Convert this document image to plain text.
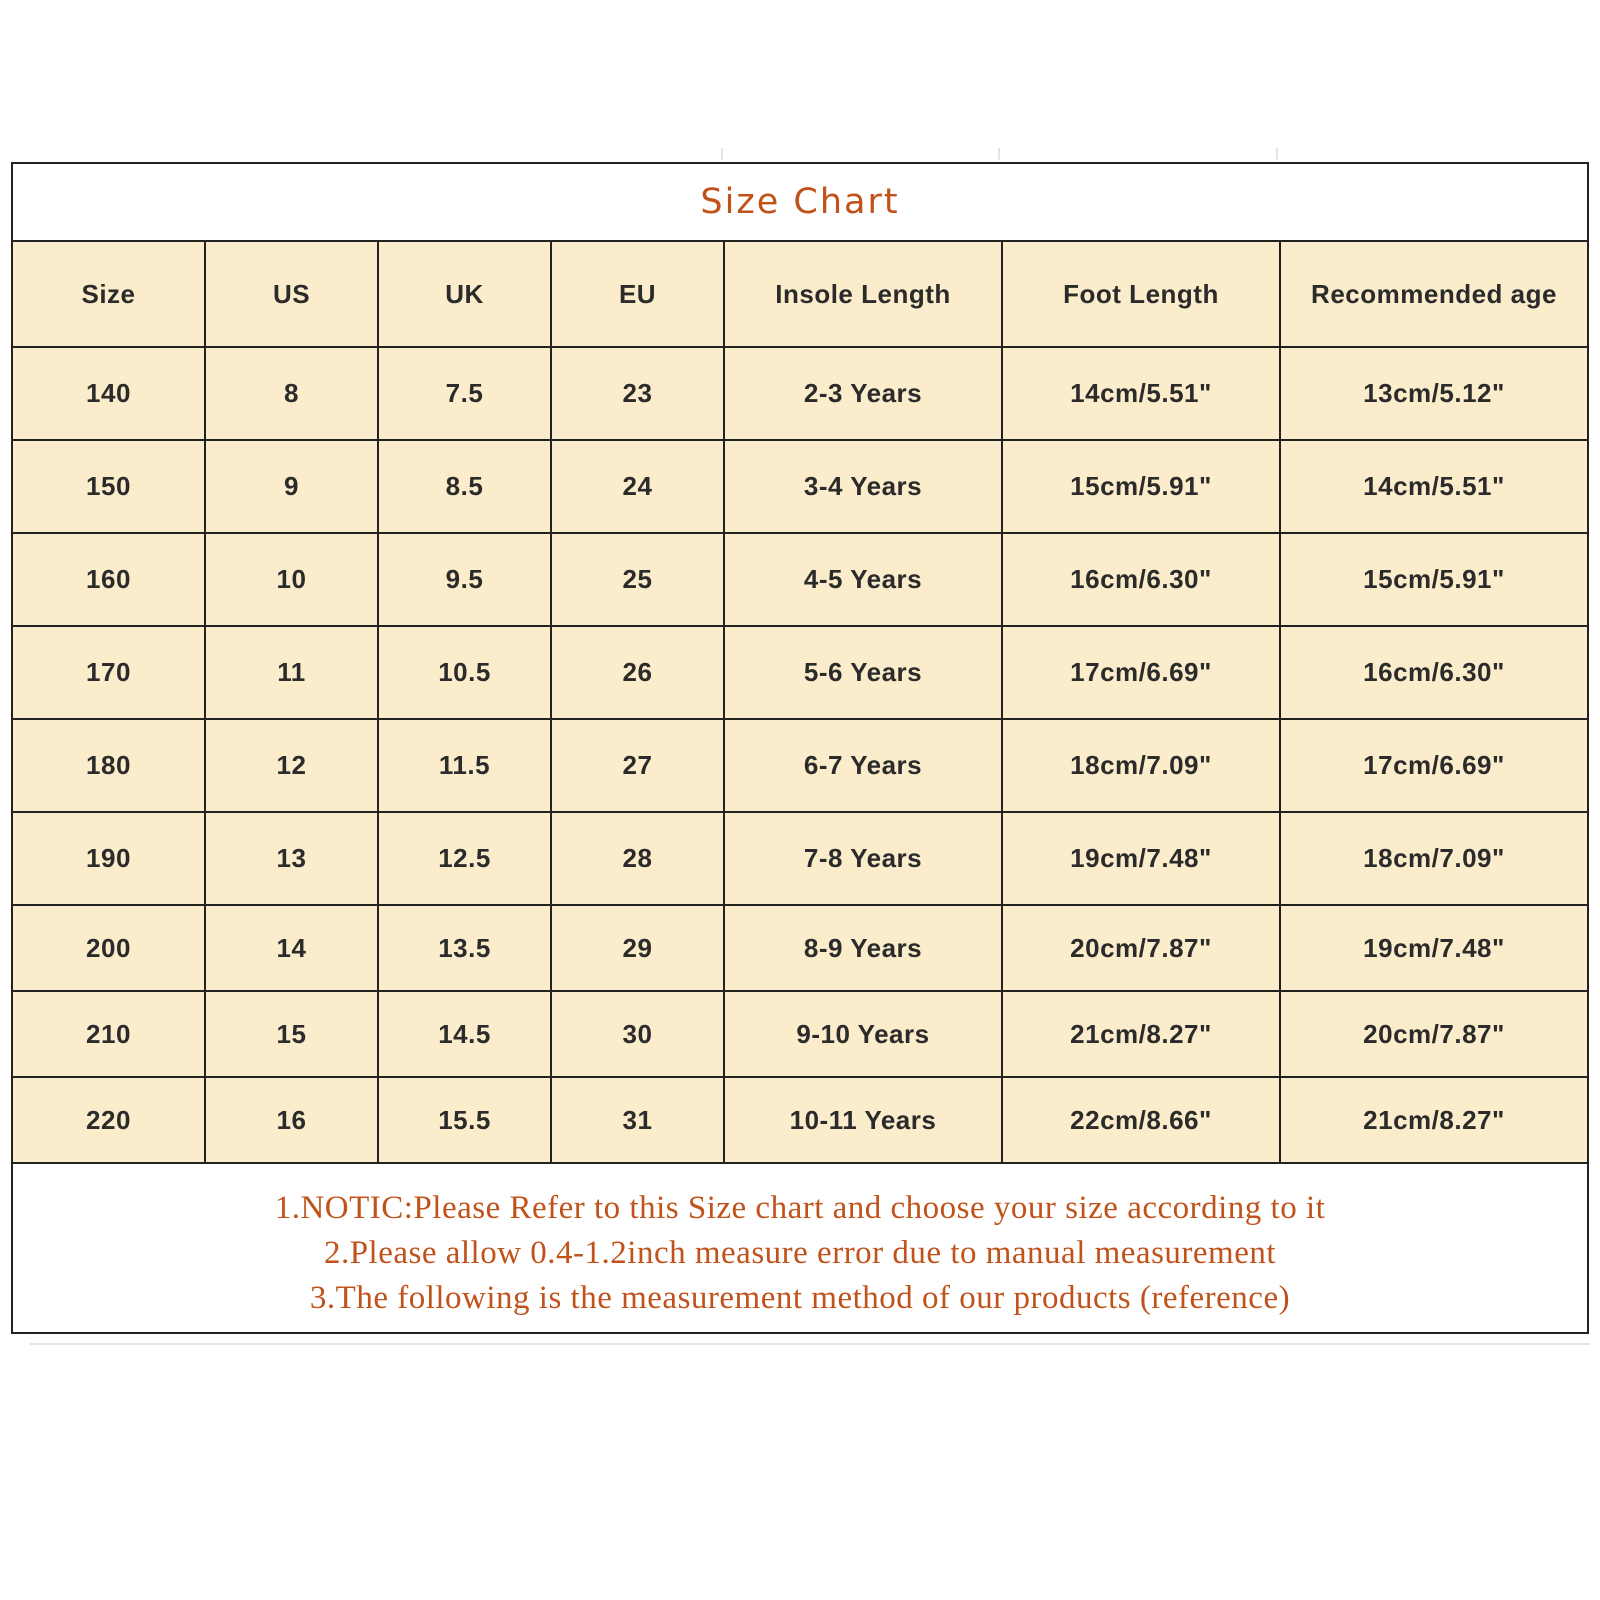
Size Chart
Size	US	UK	EU	Insole Length	Foot Length	Recommended age
140	8	7.5	23	2-3 Years	14cm/5.51"	13cm/5.12"
150	9	8.5	24	3-4 Years	15cm/5.91"	14cm/5.51"
160	10	9.5	25	4-5 Years	16cm/6.30"	15cm/5.91"
170	11	10.5	26	5-6 Years	17cm/6.69"	16cm/6.30"
180	12	11.5	27	6-7 Years	18cm/7.09"	17cm/6.69"
190	13	12.5	28	7-8 Years	19cm/7.48"	18cm/7.09"
200	14	13.5	29	8-9 Years	20cm/7.87"	19cm/7.48"
210	15	14.5	30	9-10 Years	21cm/8.27"	20cm/7.87"
220	16	15.5	31	10-11 Years	22cm/8.66"	21cm/8.27"
1.NOTIC:Please Refer to this Size chart and choose your size according to it
2.Please allow 0.4-1.2inch measure error due to manual measurement
3.The following is the measurement method of our products (reference)
